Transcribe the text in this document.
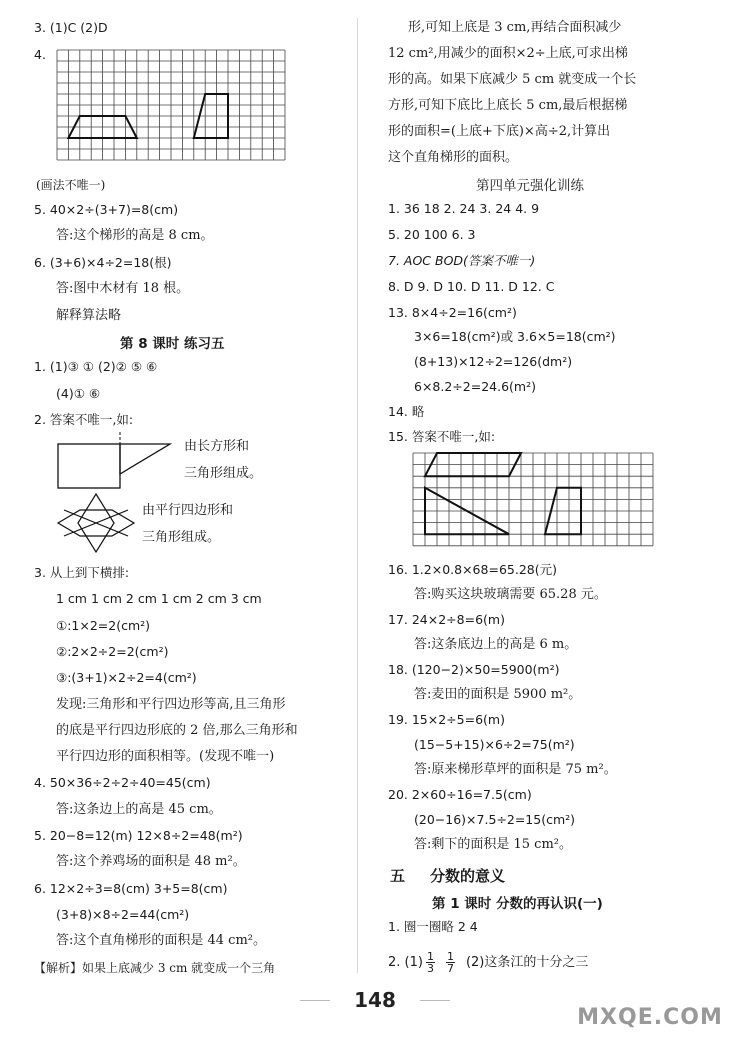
3. (1)C (2)D
4.
(画法不唯一)
5. 40×2÷(3+7)=8(cm)
答:这个梯形的高是 8 cm。
6. (3+6)×4÷2=18(根)
答:图中木材有 18 根。
解释算法略
第 8 课时 练习五
1. (1)③ ① (2)② ⑤ ⑥
(4)① ⑥
2. 答案不唯一,如:
由长方形和
三角形组成。
由平行四边形和
三角形组成。
3. 从上到下横排:
1 cm 1 cm 2 cm 1 cm 2 cm 3 cm
①:1×2=2(cm²)
②:2×2÷2=2(cm²)
③:(3+1)×2÷2=4(cm²)
发现:三角形和平行四边形等高,且三角形
的底是平行四边形底的 2 倍,那么三角形和
平行四边形的面积相等。(发现不唯一)
4. 50×36÷2÷2÷40=45(cm)
答:这条边上的高是 45 cm。
5. 20−8=12(m) 12×8÷2=48(m²)
答:这个养鸡场的面积是 48 m²。
6. 12×2÷3=8(cm) 3+5=8(cm)
(3+8)×8÷2=44(cm²)
答:这个直角梯形的面积是 44 cm²。
【解析】如果上底减少 3 cm 就变成一个三角
形,可知上底是 3 cm,再结合面积减少
12 cm²,用减少的面积×2÷上底,可求出梯
形的高。如果下底减少 5 cm 就变成一个长
方形,可知下底比上底长 5 cm,最后根据梯
形的面积=(上底+下底)×高÷2,计算出
这个直角梯形的面积。
第四单元强化训练
1. 36 18 2. 24 3. 24 4. 9
5. 20 100 6. 3
7. AOC BOD(答案不唯一)
8. D 9. D 10. D 11. D 12. C
13. 8×4÷2=16(cm²)
3×6=18(cm²)或 3.6×5=18(cm²)
(8+13)×12÷2=126(dm²)
6×8.2÷2=24.6(m²)
14. 略
15. 答案不唯一,如:
16. 1.2×0.8×68=65.28(元)
答:购买这块玻璃需要 65.28 元。
17. 24×2÷8=6(m)
答:这条底边上的高是 6 m。
18. (120−2)×50=5900(m²)
答:麦田的面积是 5900 m²。
19. 15×2÷5=6(m)
(15−5+15)×6÷2=75(m²)
答:原来梯形草坪的面积是 75 m²。
20. 2×60÷16=7.5(cm)
(20−16)×7.5÷2=15(cm²)
答:剩下的面积是 15 cm²。
五 分数的意义
第 1 课时 分数的再认识(一)
1. 圈一圈略 2 4
2. $(1) \frac{1}{3} \frac{1}{7} (2)$这条江的十分之三
148
MXQE.COM
